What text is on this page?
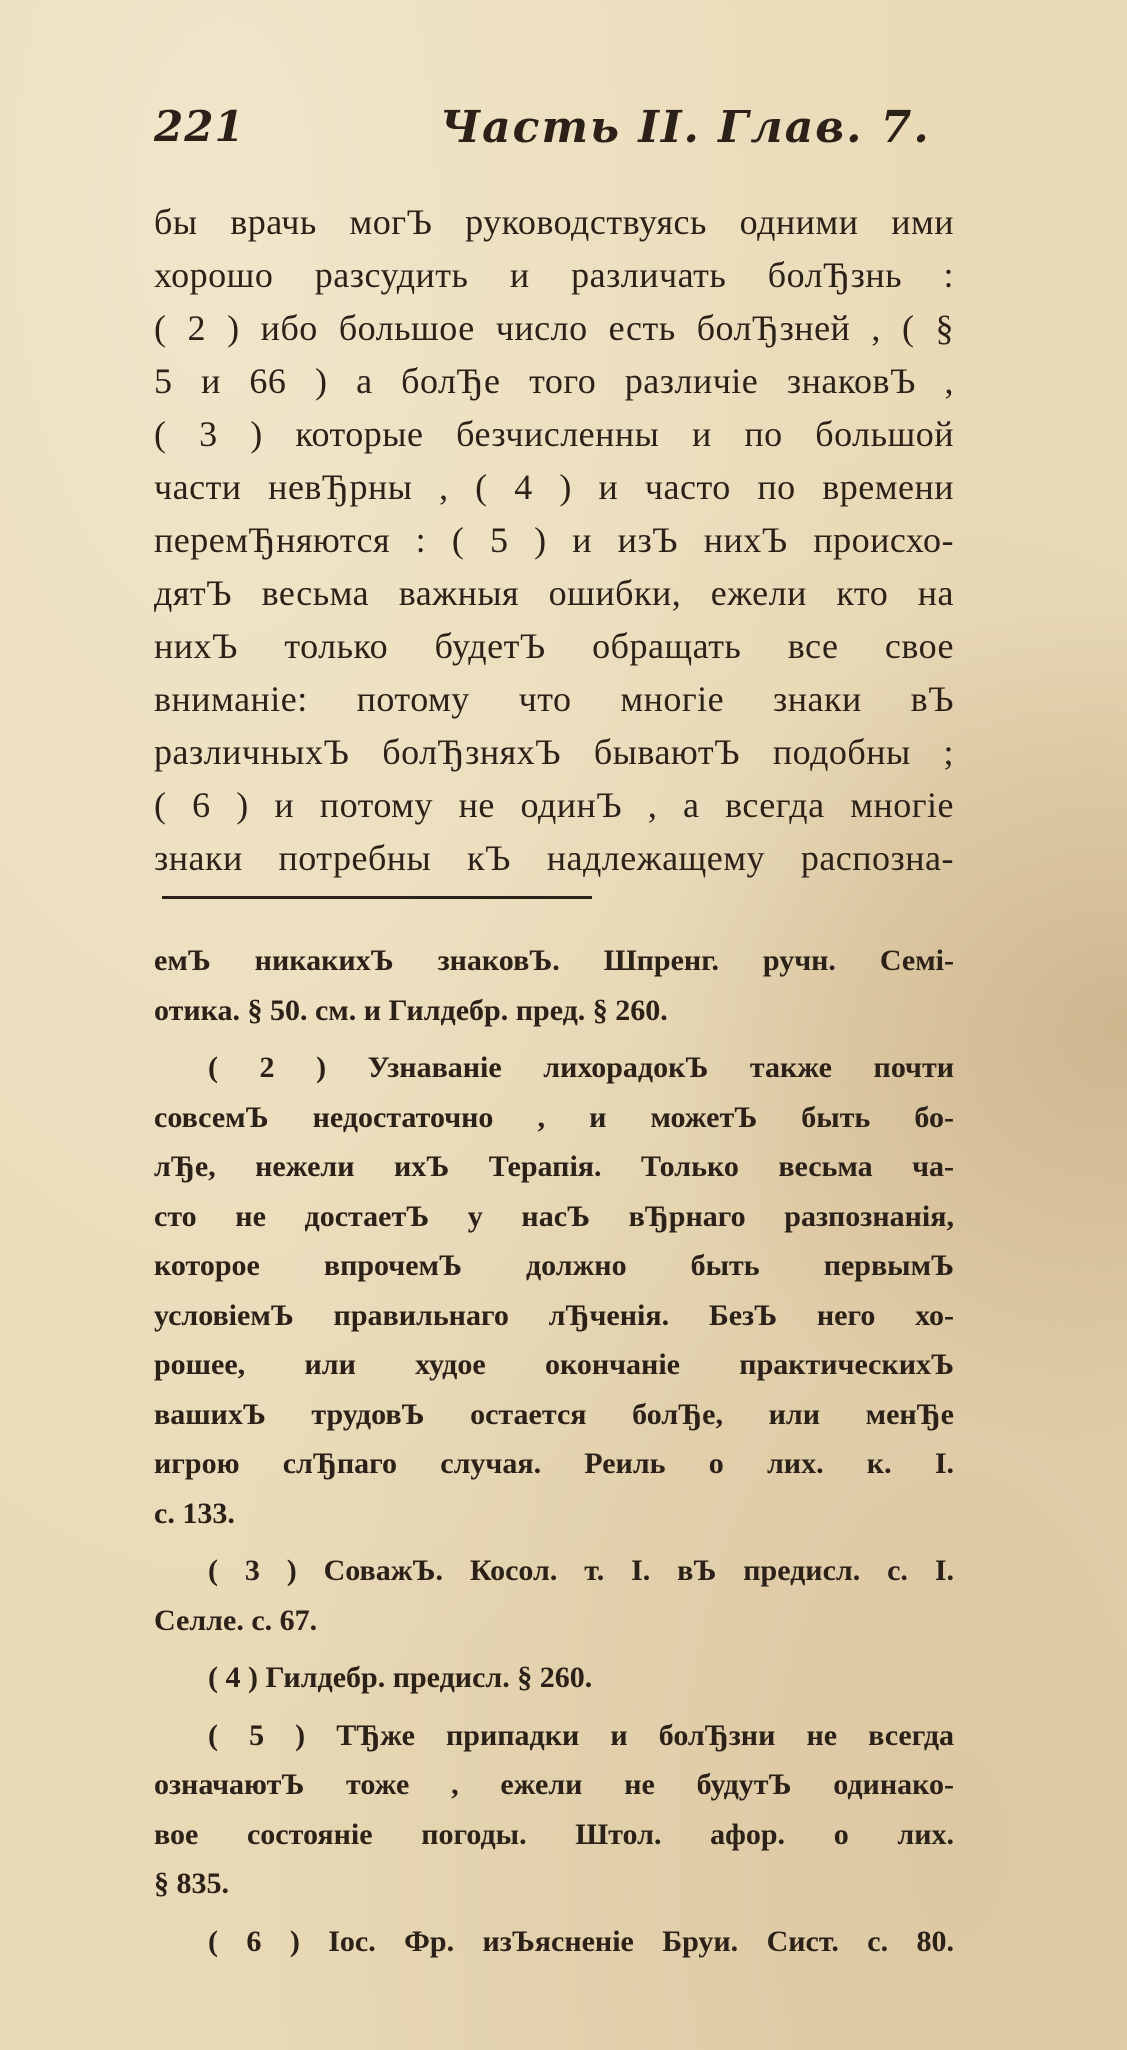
221	Часть II. Глав. 7.
бы врачь могЪ руководствуясь одними ими
хорошо разсудить и различать болЂзнь :
( 2 ) ибо большое число есть болЂзней , ( §
5 и 66 ) а болЂе того различiе знаковЪ ,
( 3 ) которые безчисленны и по большой
части невЂрны , ( 4 ) и часто по времени
перемЂняются : ( 5 ) и изЪ нихЪ происхо-
дятЪ весьма важныя ошибки, ежели кто на
нихЪ только будетЪ обращать все свое
вниманiе: потому что многiе знаки вЪ
различныхЪ болЂзняхЪ бываютЪ подобны ;
( 6 ) и потому не одинЪ , а всегда многiе
знаки потребны кЪ надлежащему распозна-
емЪ никакихЪ знаковЪ. Шпренг. ручн. Семi-
отика. § 50. см. и Гилдебр. пред. § 260.
( 2 ) Узнаванiе лихорадокЪ также почти
совсемЪ недостаточно , и можетЪ быть бо-
лЂе, нежели ихЪ Терапiя. Только весьма ча-
сто не достаетЪ у насЪ вЂрнаго разпознанiя,
которое впрочемЪ должно быть первымЪ
условiемЪ правильнаго лЂченiя. БезЪ него хо-
рошее, или худое окончанiе практическихЪ
вашихЪ трудовЪ остается болЂе, или менЂе
игрою слЂпаго случая. Реиль о лих. к. I.
с. 133.
( 3 ) СоважЪ. Косол. т. I. вЪ предисл. с. I.
Селле. с. 67.
( 4 ) Гилдебр. предисл. § 260.
( 5 ) ТЂже припадки и болЂзни не всегда
означаютЪ тоже , ежели не будутЪ одинако-
вое состоянiе погоды. Штол. афор. о лих.
§ 835.
( 6 ) Iос. Фр. изЪясненiе Бруи. Сист. с. 80.
